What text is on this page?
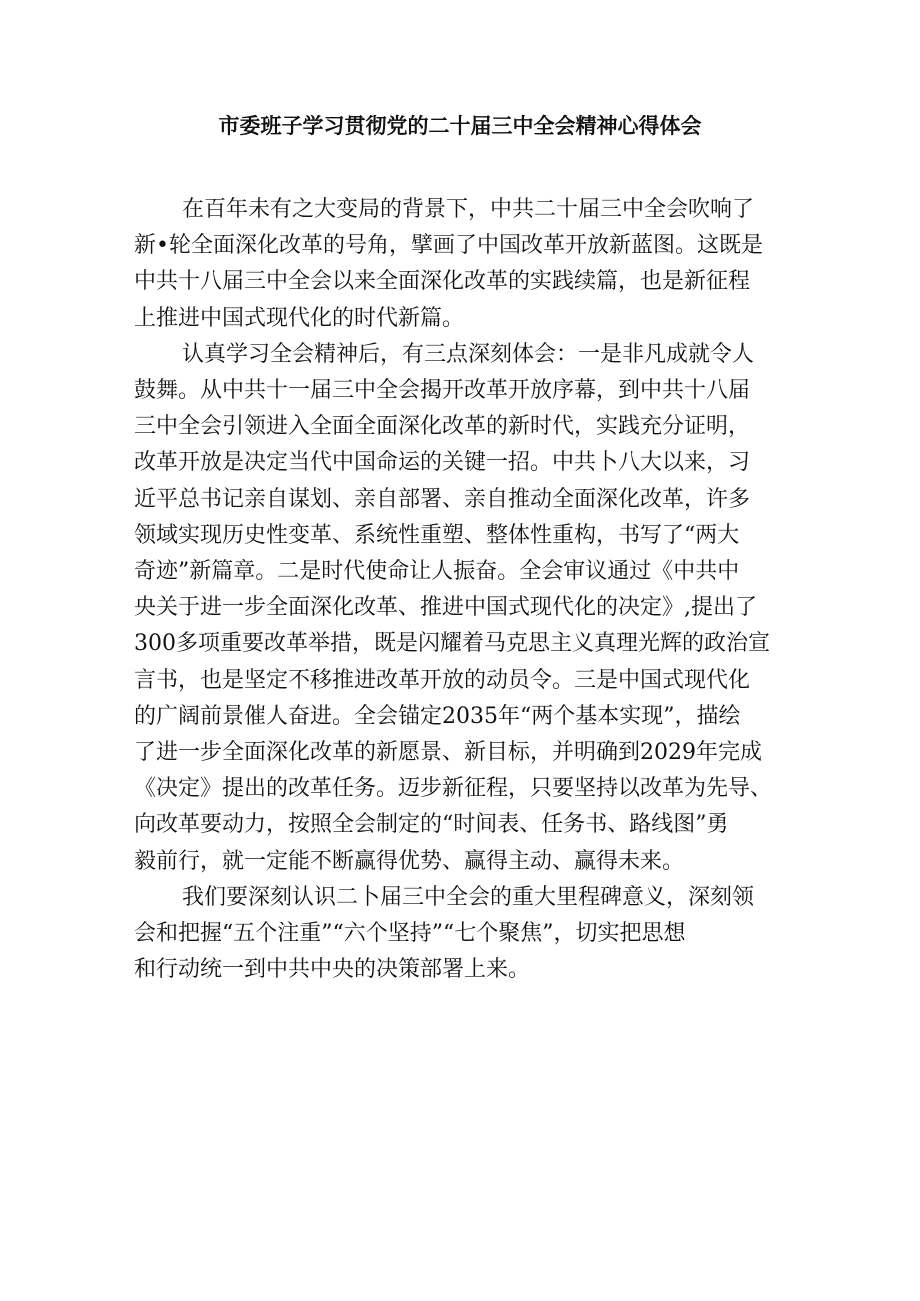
市委班子学习贯彻党的二十届三中全会精神心得体会
在百年未有之大变局的背景下，中共二十届三中全会吹响了
新•轮全面深化改革的号角，擘画了中国改革开放新蓝图。这既是
中共十八届三中全会以来全面深化改革的实践续篇，也是新征程
上推进中国式现代化的时代新篇。
认真学习全会精神后，有三点深刻体会：一是非凡成就令人
鼓舞。从中共十一届三中全会揭开改革开放序幕，到中共十八届
三中全会引领进入全面全面深化改革的新时代，实践充分证明，
改革开放是决定当代中国命运的关键一招。中共卜八大以来，习
近平总书记亲自谋划、亲自部署、亲自推动全面深化改革，许多
领域实现历史性变革、系统性重塑、整体性重构，书写了“两大
奇迹”新篇章。二是时代使命让人振奋。全会审议通过《中共中
央关于进一步全面深化改革、推进中国式现代化的决定》,提出了
300多项重要改革举措，既是闪耀着马克思主义真理光辉的政治宣
言书，也是坚定不移推进改革开放的动员令。三是中国式现代化
的广阔前景催人奋进。全会锚定2035年“两个基本实现”，描绘
了进一步全面深化改革的新愿景、新目标，并明确到2029年完成
《决定》提出的改革任务。迈步新征程，只要坚持以改革为先导、
向改革要动力，按照全会制定的“时间表、任务书、路线图”勇
毅前行，就一定能不断赢得优势、赢得主动、赢得未来。
我们要深刻认识二卜届三中全会的重大里程碑意义，深刻领
会和把握“五个注重”“六个坚持”“七个聚焦”，切实把思想
和行动统一到中共中央的决策部署上来。
